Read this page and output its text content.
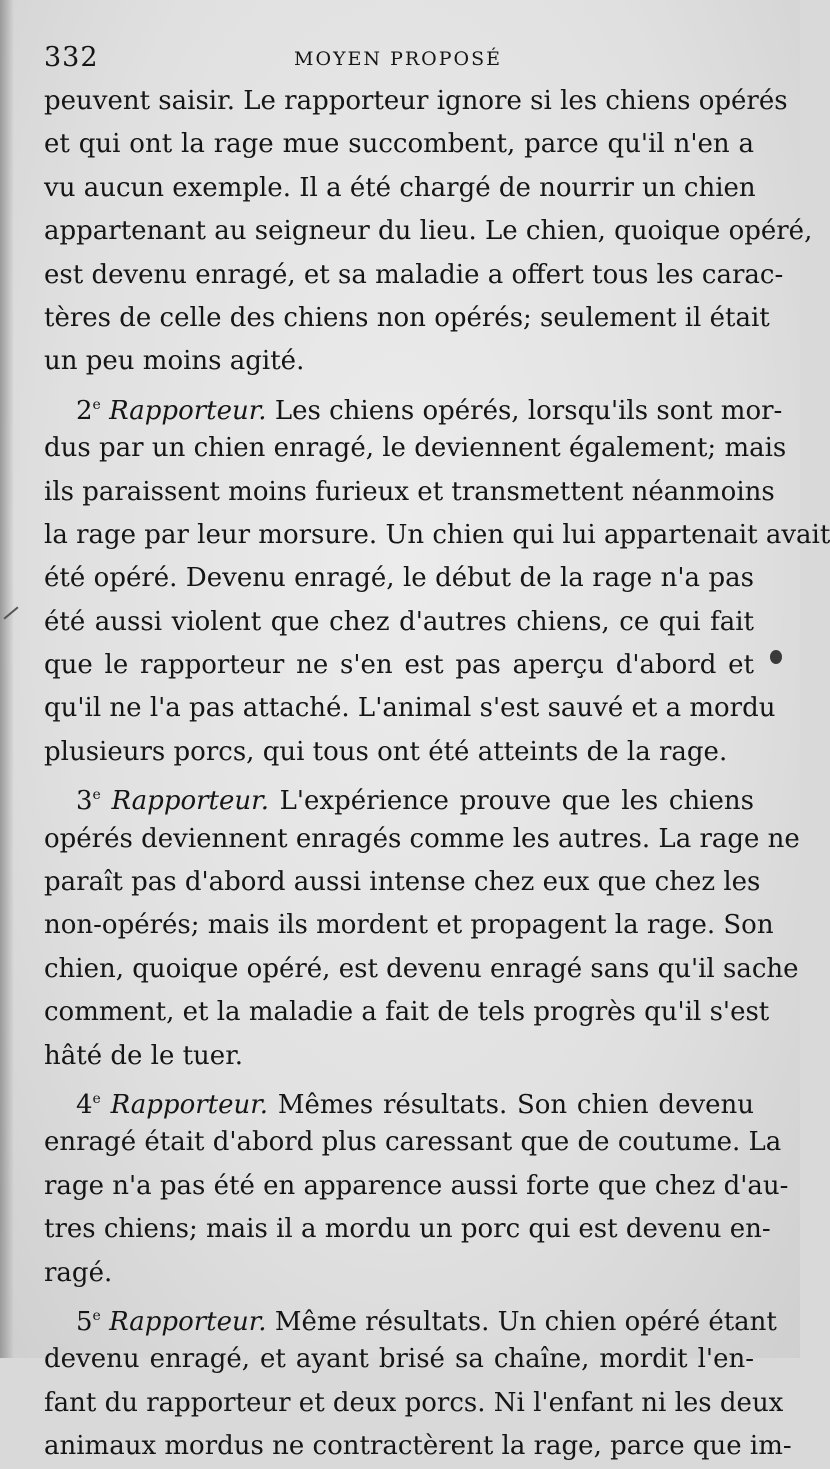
332	MOYEN PROPOSÉ
peuvent saisir. Le rapporteur ignore si les chiens opérés
et qui ont la rage mue succombent, parce qu'il n'en a
vu aucun exemple. Il a été chargé de nourrir un chien
appartenant au seigneur du lieu. Le chien, quoique opéré,
est devenu enragé, et sa maladie a offert tous les carac-
tères de celle des chiens non opérés; seulement il était
un peu moins agité.
2e Rapporteur. Les chiens opérés, lorsqu'ils sont mor-
dus par un chien enragé, le deviennent également; mais
ils paraissent moins furieux et transmettent néanmoins
la rage par leur morsure. Un chien qui lui appartenait avait
été opéré. Devenu enragé, le début de la rage n'a pas
été aussi violent que chez d'autres chiens, ce qui fait
que le rapporteur ne s'en est pas aperçu d'abord et
qu'il ne l'a pas attaché. L'animal s'est sauvé et a mordu
plusieurs porcs, qui tous ont été atteints de la rage.
3e Rapporteur. L'expérience prouve que les chiens
opérés deviennent enragés comme les autres. La rage ne
paraît pas d'abord aussi intense chez eux que chez les
non-opérés; mais ils mordent et propagent la rage. Son
chien, quoique opéré, est devenu enragé sans qu'il sache
comment, et la maladie a fait de tels progrès qu'il s'est
hâté de le tuer.
4e Rapporteur. Mêmes résultats. Son chien devenu
enragé était d'abord plus caressant que de coutume. La
rage n'a pas été en apparence aussi forte que chez d'au-
tres chiens; mais il a mordu un porc qui est devenu en-
ragé.
5e Rapporteur. Même résultats. Un chien opéré étant
devenu enragé, et ayant brisé sa chaîne, mordit l'en-
fant du rapporteur et deux porcs. Ni l'enfant ni les deux
animaux mordus ne contractèrent la rage, parce que im-
